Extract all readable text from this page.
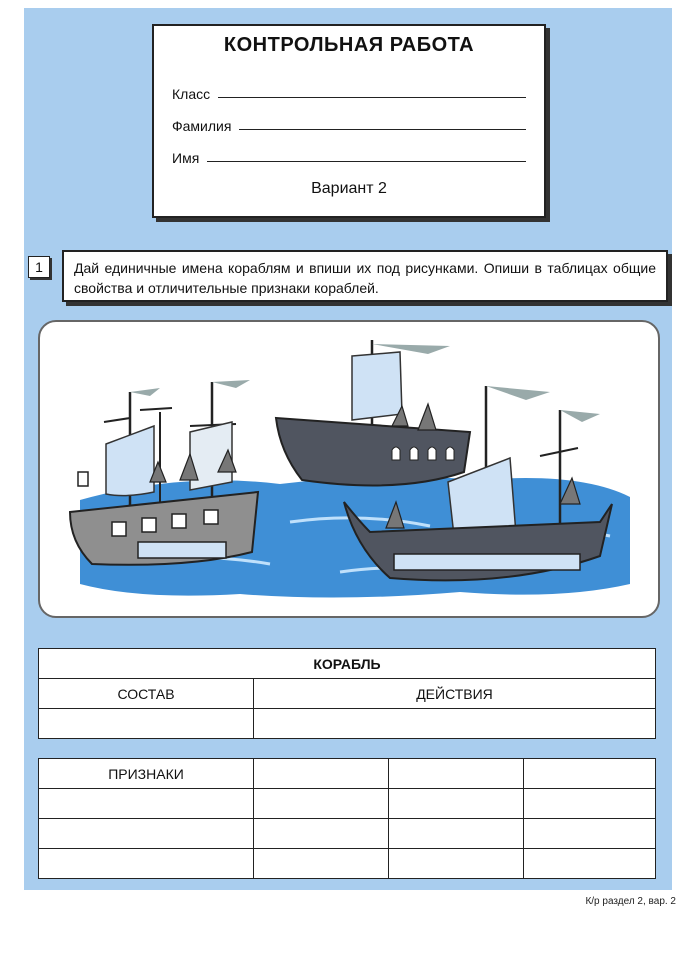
КОНТРОЛЬНАЯ РАБОТА
Класс
Фамилия
Имя
Вариант 2
1	Дай единичные имена кораблям и впиши их под рисунками. Опиши в таблицах общие свойства и отличительные признаки кораблей.
КОРАБЛЬ	
СОСТАВ	ДЕЙСТВИЯ

ПРИЗНАКИ			

К/р раздел 2, вар. 2
